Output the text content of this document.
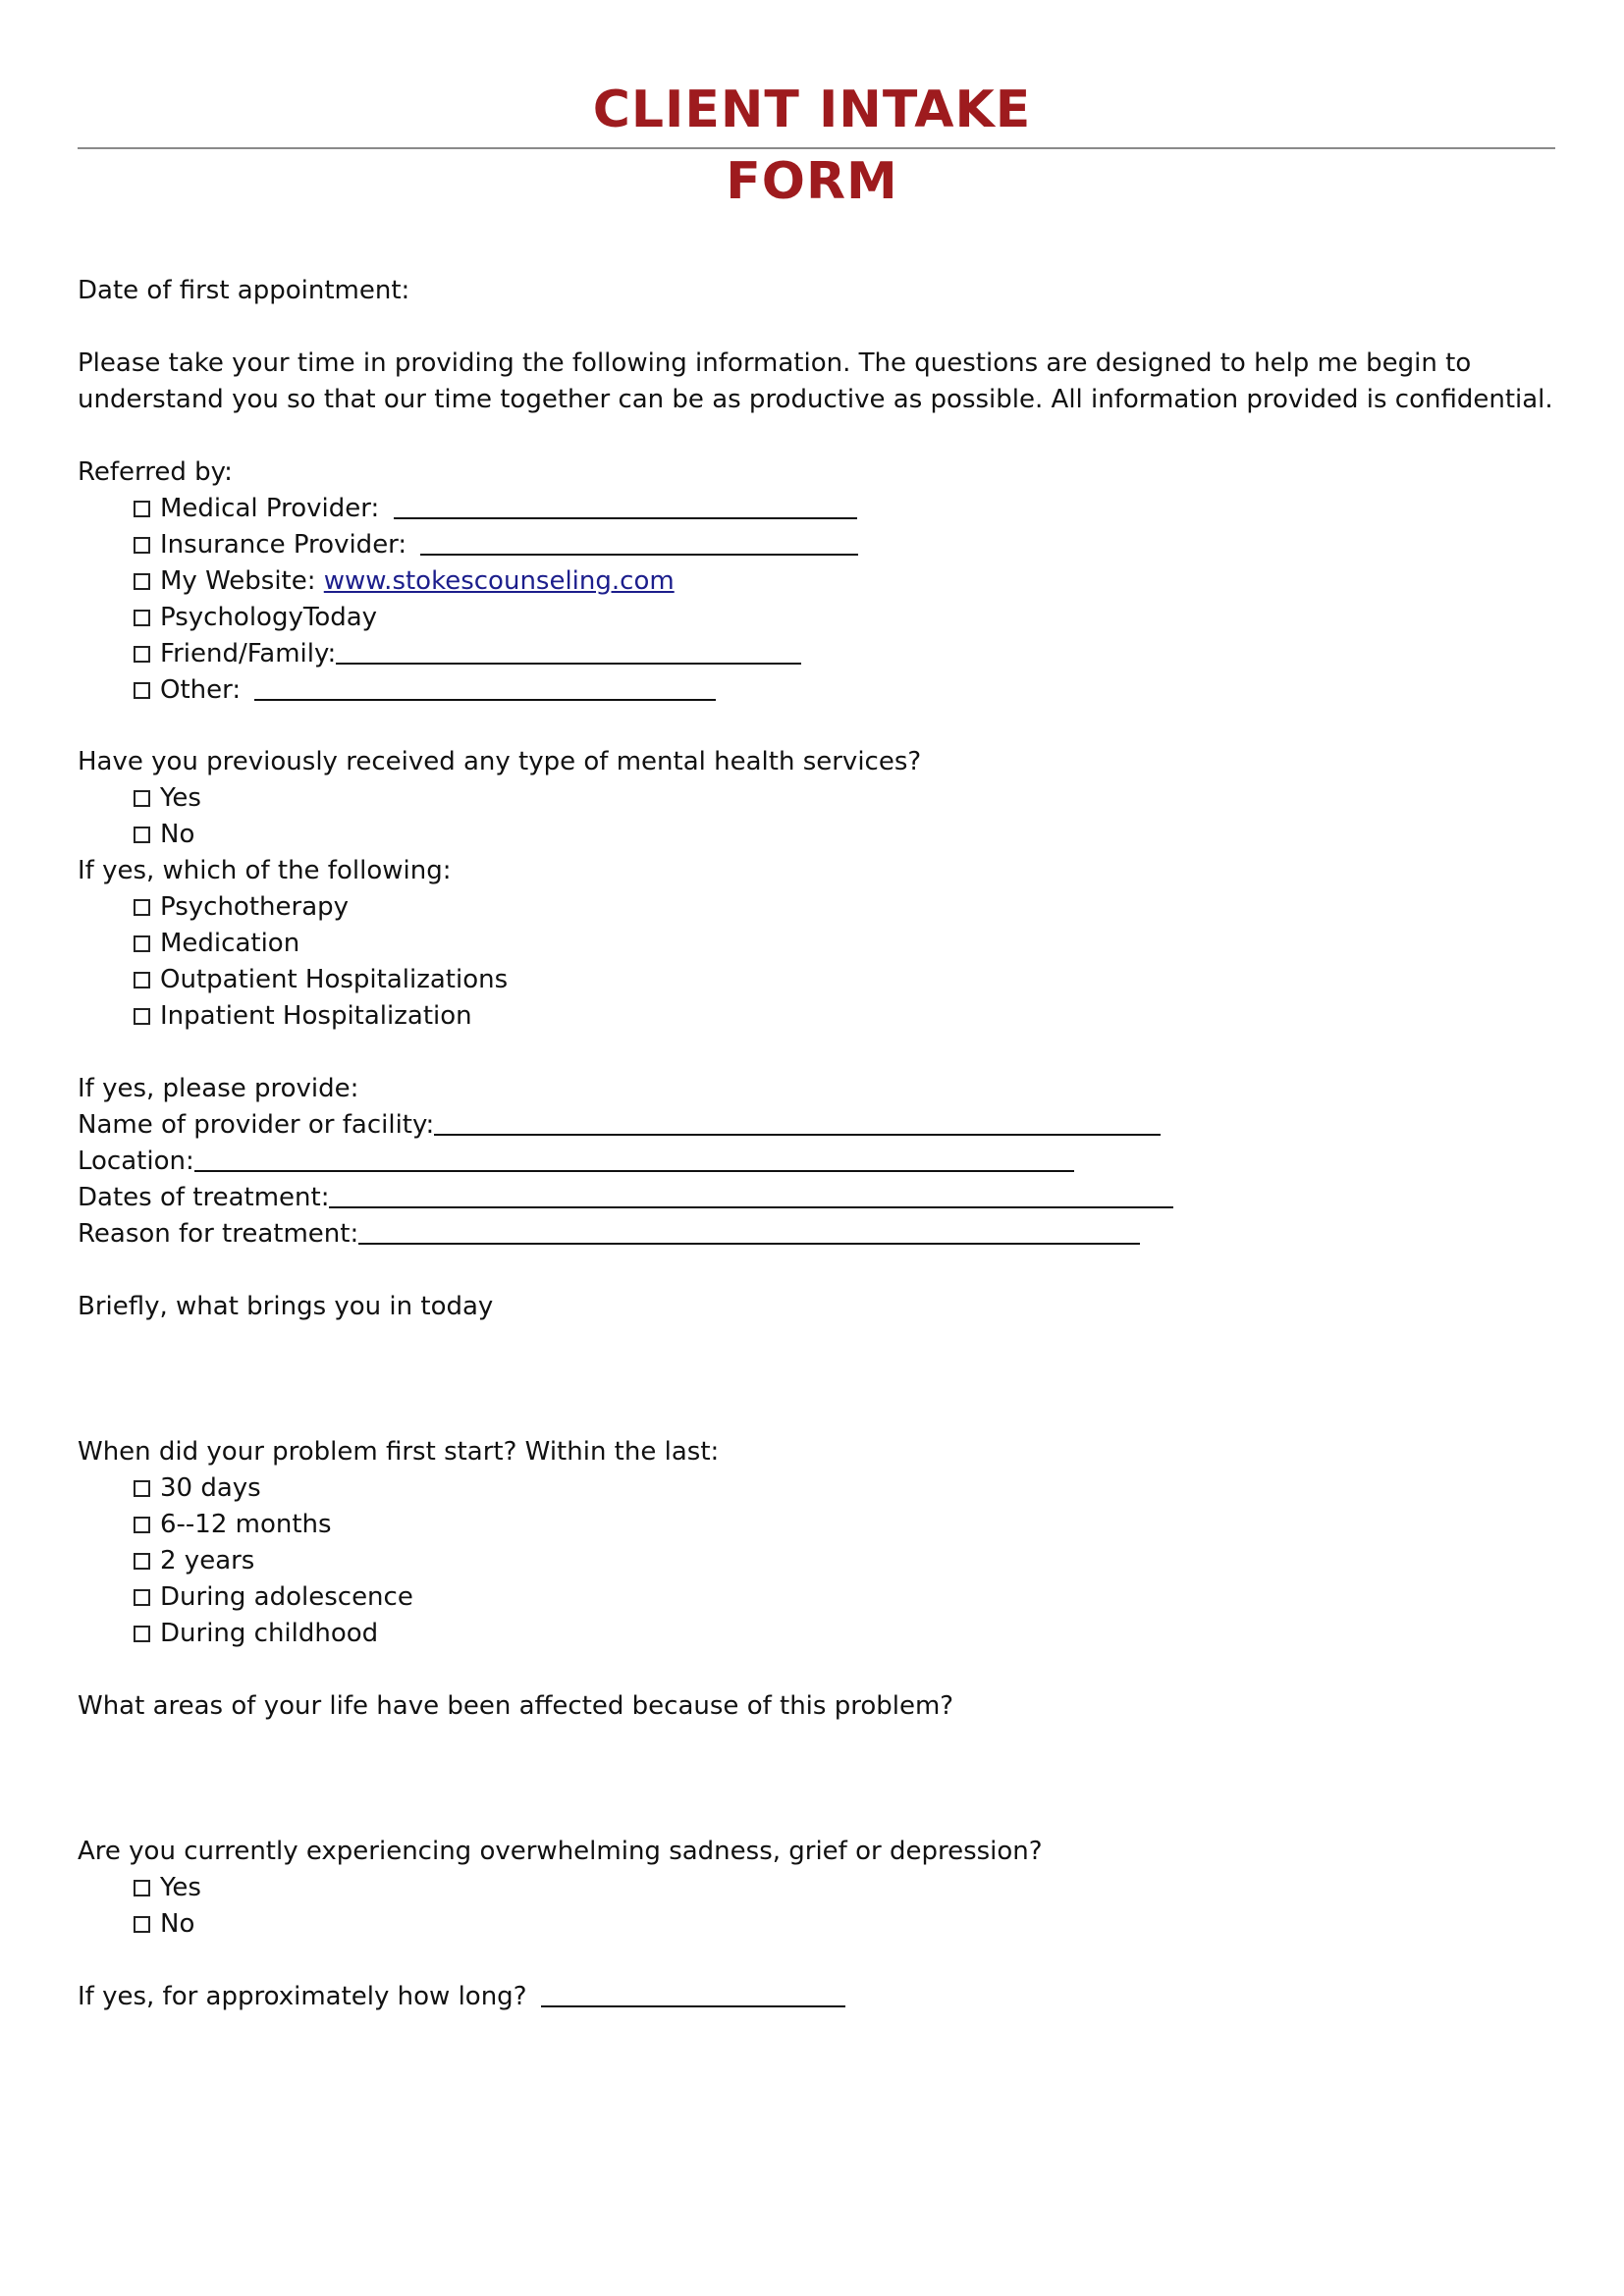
CLIENT INTAKE
FORM
Date of first appointment:
Please take your time in providing the following information. The questions are designed to help me begin to
understand you so that our time together can be as productive as possible. All information provided is confidential.
Referred by:
Medical Provider:
Insurance Provider:
My Website: www.stokescounseling.com
PsychologyToday
Friend/Family:
Other:
Have you previously received any type of mental health services?
Yes
No
If yes, which of the following:
Psychotherapy
Medication
Outpatient Hospitalizations
Inpatient Hospitalization
If yes, please provide:
Name of provider or facility:
Location:
Dates of treatment:
Reason for treatment:
Briefly, what brings you in today
When did your problem first start? Within the last:
30 days
6--12 months
2 years
During adolescence
During childhood
What areas of your life have been affected because of this problem?
Are you currently experiencing overwhelming sadness, grief or depression?
Yes
No
If yes, for approximately how long?
